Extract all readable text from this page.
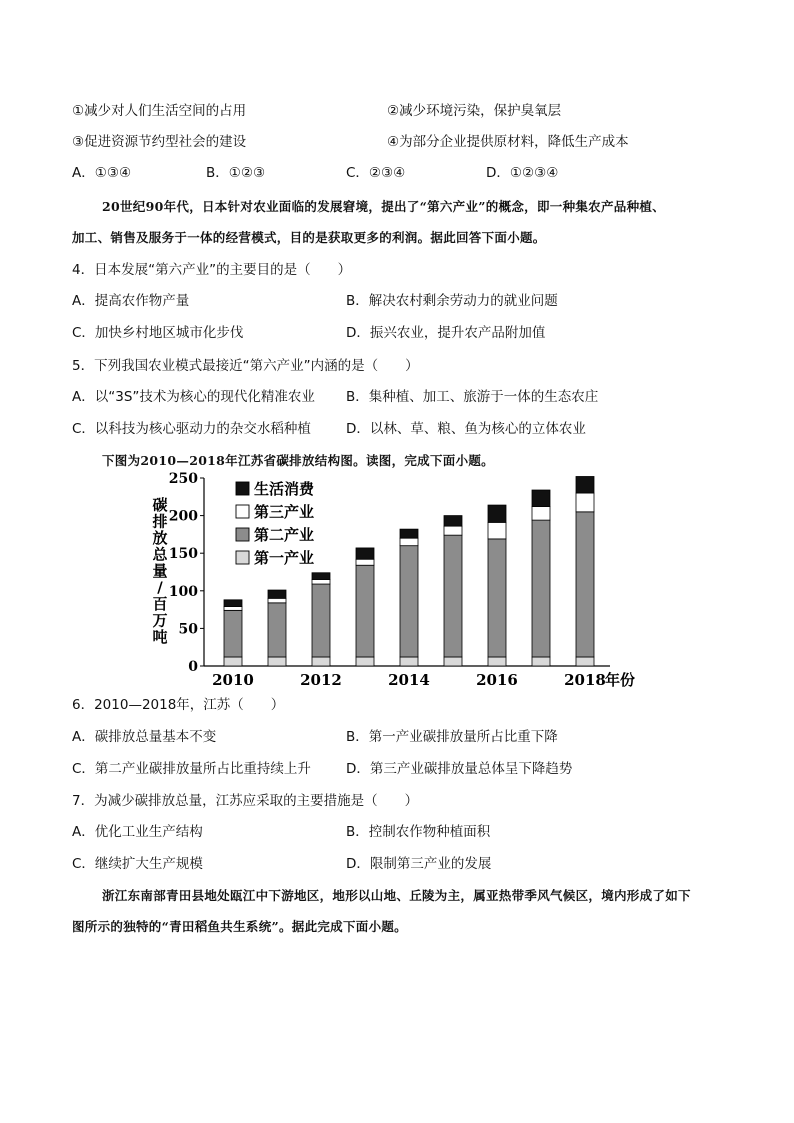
①减少对人们生活空间的占用	②减少环境污染，保护臭氧层
③促进资源节约型社会的建设	④为部分企业提供原材料，降低生产成本
A．①③④	B．①②③	C．②③④	D．①②③④
20世纪90年代，日本针对农业面临的发展窘境，提出了“第六产业”的概念，即一种集农产品种植、
加工、销售及服务于一体的经营模式，目的是获取更多的利润。据此回答下面小题。
4．日本发展“第六产业”的主要目的是（　　）
A．提高农作物产量	B．解决农村剩余劳动力的就业问题
C．加快乡村地区城市化步伐	D．振兴农业，提升农产品附加值
5．下列我国农业模式最接近“第六产业”内涵的是（　　）
A．以“3S”技术为核心的现代化精准农业 B．集种植、加工、旅游于一体的生态农庄
C．以科技为核心驱动力的杂交水稻种植	D．以林、草、粮、鱼为核心的立体农业
下图为2010—2018年江苏省碳排放结构图。读图，完成下面小题。
碳
排
放
总
量
/
百
万
吨
0
50
100
150
200
250
2010	2012	2014	2016	2018 年份
生活消费
第三产业
第二产业
第一产业
6．2010—2018年，江苏（　　）
A．碳排放总量基本不变	B．第一产业碳排放量所占比重下降
C．第二产业碳排放量所占比重持续上升	D．第三产业碳排放量总体呈下降趋势
7．为减少碳排放总量，江苏应采取的主要措施是（　　）
A．优化工业生产结构	B．控制农作物种植面积
C．继续扩大生产规模	D．限制第三产业的发展
浙江东南部青田县地处瓯江中下游地区，地形以山地、丘陵为主，属亚热带季风气候区，境内形成了如下
图所示的独特的“青田稻鱼共生系统”。据此完成下面小题。
